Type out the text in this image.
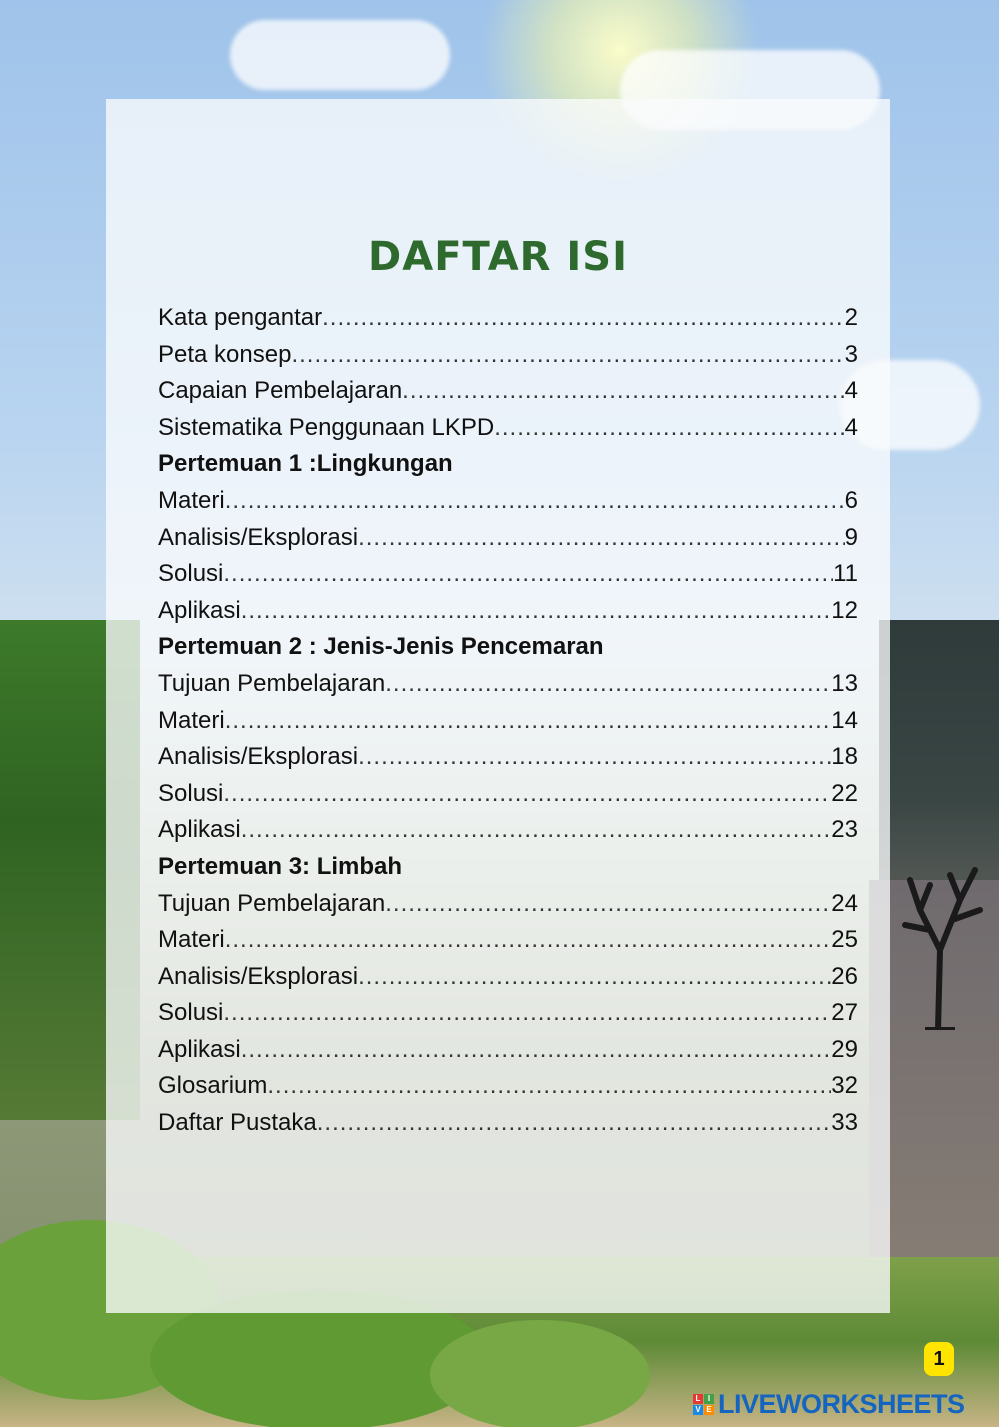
DAFTAR ISI
Kata pengantar .....	2
Peta konsep .....	3
Capaian Pembelajaran .....	4
Sistematika Penggunaan LKPD .....	4
Pertemuan 1 :Lingkungan
Materi .....	6
Analisis/Eksplorasi .....	9
Solusi .....	11
Aplikasi .....	12
Pertemuan 2 : Jenis-Jenis Pencemaran
Tujuan Pembelajaran .....	13
Materi .....	14
Analisis/Eksplorasi .....	18
Solusi .....	22
Aplikasi .....	23
Pertemuan 3: Limbah
Tujuan Pembelajaran .....	24
Materi .....	25
Analisis/Eksplorasi .....	26
Solusi .....	27
Aplikasi .....	29
Glosarium .....	32
Daftar Pustaka .....	33
1
L I
V E LIVEWORKSHEETS
